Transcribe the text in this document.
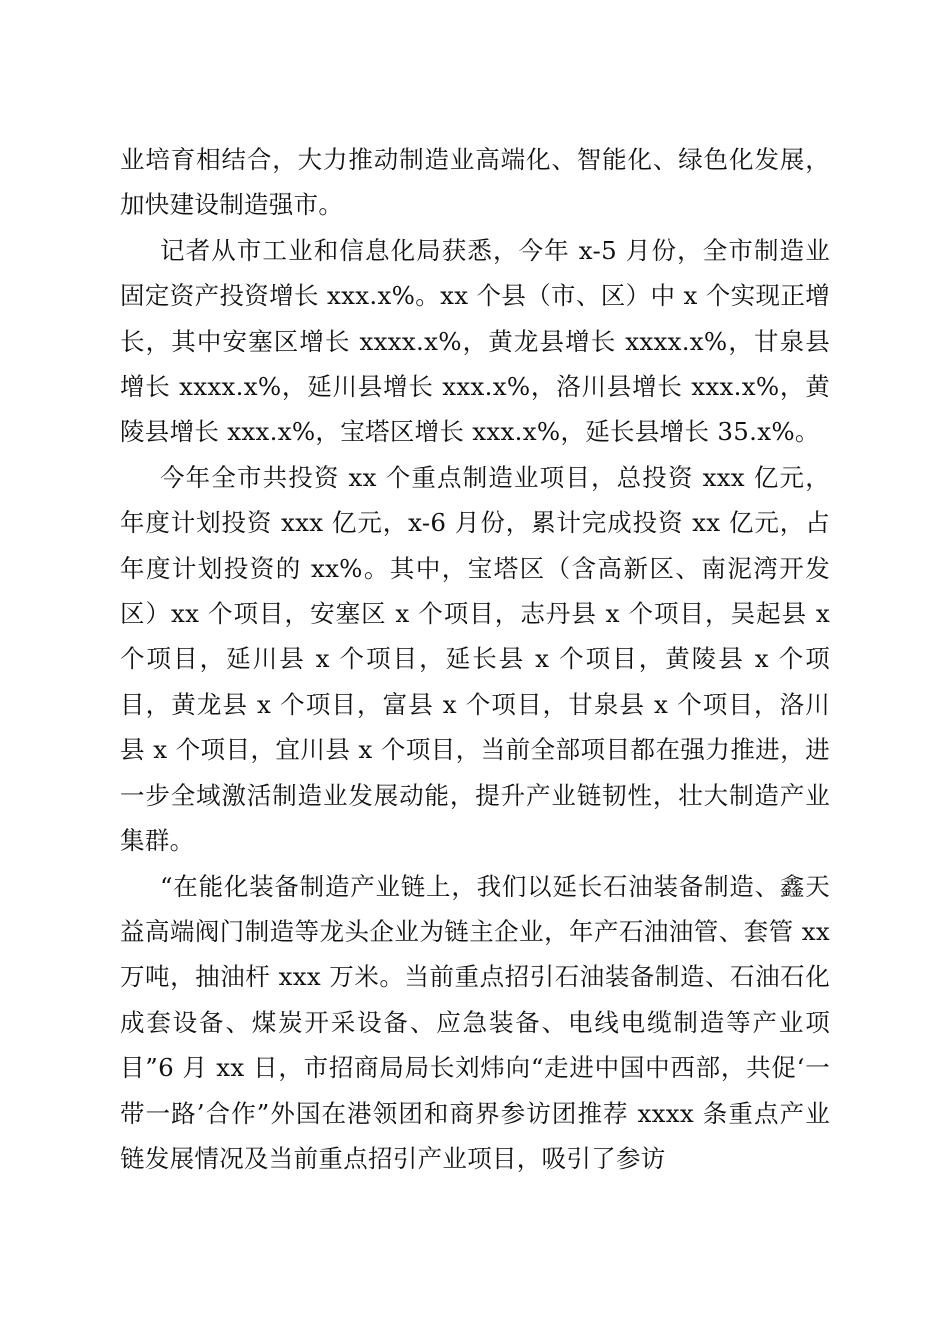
业培育相结合，大力推动制造业高端化、智能化、绿色化发展，加快建设制造强市。

记者从市工业和信息化局获悉，今年 x-5 月份，全市制造业固定资产投资增长 xxx.x%。xx 个县（市、区）中 x 个实现正增长，其中安塞区增长 xxxx.x%，黄龙县增长 xxxx.x%，甘泉县增长 xxxx.x%，延川县增长 xxx.x%，洛川县增长 xxx.x%，黄陵县增长 xxx.x%，宝塔区增长 xxx.x%，延长县增长 35.x%。

今年全市共投资 xx 个重点制造业项目，总投资 xxx 亿元，年度计划投资 xxx 亿元，x-6 月份，累计完成投资 xx 亿元，占年度计划投资的 xx%。其中，宝塔区（含高新区、南泥湾开发区）xx 个项目，安塞区 x 个项目，志丹县 x 个项目，吴起县 x 个项目，延川县 x 个项目，延长县 x 个项目，黄陵县 x 个项目，黄龙县 x 个项目，富县 x 个项目，甘泉县 x 个项目，洛川县 x 个项目，宜川县 x 个项目，当前全部项目都在强力推进，进一步全域激活制造业发展动能，提升产业链韧性，壮大制造产业集群。

“在能化装备制造产业链上，我们以延长石油装备制造、鑫天益高端阀门制造等龙头企业为链主企业，年产石油油管、套管 xx 万吨，抽油杆 xxx 万米。当前重点招引石油装备制造、石油石化成套设备、煤炭开采设备、应急装备、电线电缆制造等产业项目”6 月 xx 日，市招商局局长刘炜向“走进中国中西部，共促‘一带一路’合作”外国在港领团和商界参访团推荐 xxxx 条重点产业链发展情况及当前重点招引产业项目，吸引了参访
